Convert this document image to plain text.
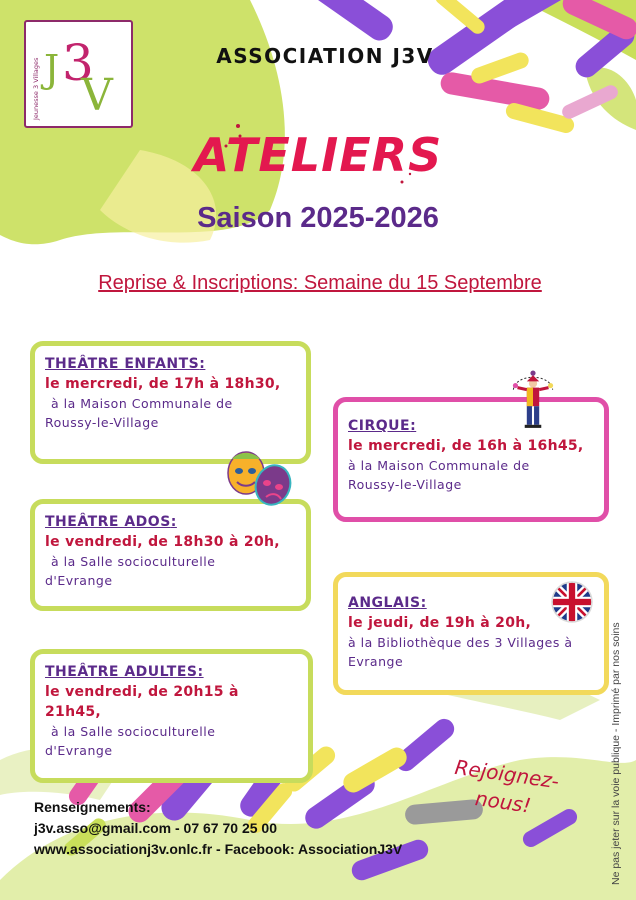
J 3
V
Jeunesse 3 Villages
ASSOCIATION J3V
ATELIERS
Saison 2025-2026
Reprise & Inscriptions: Semaine du 15 Septembre
THEÂTRE ENFANTS:
le mercredi, de 17h à 18h30,
à la Maison Communale de
Roussy-le-Village
THEÂTRE ADOS:
le vendredi, de 18h30 à 20h,
à la Salle socioculturelle
d'Evrange
THEÂTRE ADULTES:
le vendredi, de 20h15 à
21h45,
à la Salle socioculturelle
d'Evrange
CIRQUE:
le mercredi, de 16h à 16h45,
à la Maison Communale de
Roussy-le-Village
ANGLAIS:
le jeudi, de 19h à 20h,
à la Bibliothèque des 3 Villages à
Evrange
Rejoignez-
nous!
Renseignements:
j3v.asso@gmail.com - 07 67 70 25 00
www.associationj3v.onlc.fr - Facebook: AssociationJ3V	Ne pas jeter sur la voie publique - Imprimé par nos soins
